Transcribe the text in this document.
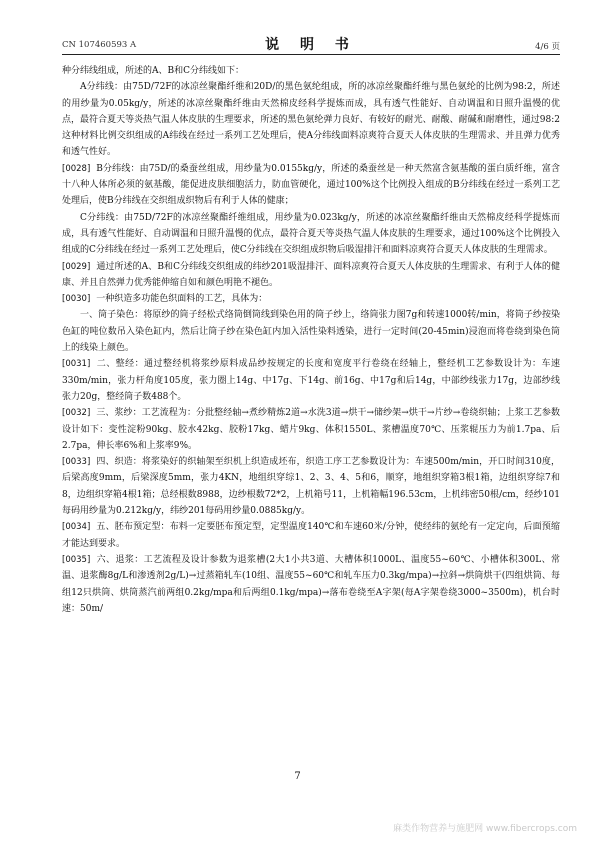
CN 107460593 A	说 明 书	4/6 页

种分纬线组成，所述的A、B和C分纬线如下：

A分纬线：由75D/72F的冰凉丝聚酯纤维和20D/的黑色氨纶组成，所的冰凉丝聚酯纤维与黑色氨纶的比例为98:2，所述的用纱量为0.05kg/y，所述的冰凉丝聚酯纤维由天然棉皮经科学提炼而成，具有透气性能好、自动调温和日照升温慢的优点，最符合夏天等炎热气温人体皮肤的生理要求，所述的黑色氨纶弹力良好、有较好的耐光、耐酸、耐碱和耐磨性，通过98:2这种材料比例交织组成的A纬线在经过一系列工艺处理后，使A分纬线面料凉爽符合夏天人体皮肤的生理需求、并且弹力优秀和透气性好。

[0028] B分纬线：由75D/的桑蚕丝组成，用纱量为0.0155kg/y，所述的桑蚕丝是一种天然富含氨基酸的蛋白质纤维，富含十八种人体所必须的氨基酸，能促进皮肤细胞活力，防血管硬化，通过100%这个比例投入组成的B分纬线在经过一系列工艺处理后，使B分纬线在交织组成织物后有利于人体的健康；

C分纬线：由75D/72F的冰凉丝聚酯纤维组成，用纱量为0.023kg/y，所述的冰凉丝聚酯纤维由天然棉皮经科学提炼而成，具有透气性能好、自动调温和日照升温慢的优点，最符合夏天等炎热气温人体皮肤的生理要求，通过100%这个比例投入组成的C分纬线在经过一系列工艺处理后，使C分纬线在交织组成织物后吸湿排汗和面料凉爽符合夏天人体皮肤的生理需求。

[0029] 通过所述的A、B和C分纬线交织组成的纬纱201吸湿排汗、面料凉爽符合夏天人体皮肤的生理需求、有利于人体的健康、并且自然弹力优秀能伸缩自如和颜色明艳不褪色。

[0030] 一种织造多功能色织面料的工艺，具体为：

一、筒子染色：将原纱的筒子经松式络筒倒筒线到染色用的筒子纱上，络筒张力图7g和转速1000转/min，将筒子纱按染色缸的吨位数吊入染色缸内，然后让筒子纱在染色缸内加入活性染料透染，进行一定时间(20-45min)浸泡而将卷绕到染色筒上的线染上颜色。

[0031] 二、整经：通过整经机将浆纱原料成品纱按规定的长度和宽度平行卷绕在经轴上，整经机工艺参数设计为：车速330m/min，张力杆角度105度，张力圈上14g、中17g、下14g、前16g、中17g和后14g，中部纱线张力17g，边部纱线张力20g，整经筒子数488个。

[0032] 三、浆纱：工艺流程为：分批整经轴→煮纱精炼2道→水洗3道→烘干→储纱架→烘干→片纱→卷绕织轴；上浆工艺参数设计如下：变性淀粉90kg、胶水42kg、胶粉17kg、蜡片9kg、体积1550L、浆槽温度70℃、压浆辊压力为前1.7pa、后2.7pa，伸长率6%和上浆率9%。

[0033] 四、织造：将浆染好的织轴架至织机上织造成坯布，织造工序工艺参数设计为：车速500m/min，开口时间310度，后梁高度9mm，后梁深度5mm，张力4KN，地组织穿综1、2、3、4、5和6，顺穿，地组织穿箱3根1箱，边组织穿综7和8，边组织穿箱4根1箱；总经根数8988，边纱根数72*2，上机箱号11，上机箱幅196.53cm，上机纬密50根/cm，经纱101每码用纱量为0.212kg/y，纬纱201每码用纱量0.0885kg/y。

[0034] 五、胚布预定型：布料一定要胚布预定型，定型温度140℃和车速60米/分钟，使经纬的氨纶有一定定向，后面预缩才能达到要求。

[0035] 六、退浆：工艺流程及设计参数为退浆槽(2大1小共3道、大槽体积1000L、温度55~60℃、小槽体积300L、常温、退浆酶8g/L和渗透剂2g/L)→过蒸箱轧车(10组、温度55~60℃和轧车压力0.3kg/mpa)→拉斜→烘筒烘干(四组烘筒、每组12只烘筒、烘筒蒸汽前两组0.2kg/mpa和后两组0.1kg/mpa)→落布卷绕至A字架(每A字架卷绕3000~3500m)，机台时速：50m/

7
麻类作物营养与施肥网 www.fibercrops.com
